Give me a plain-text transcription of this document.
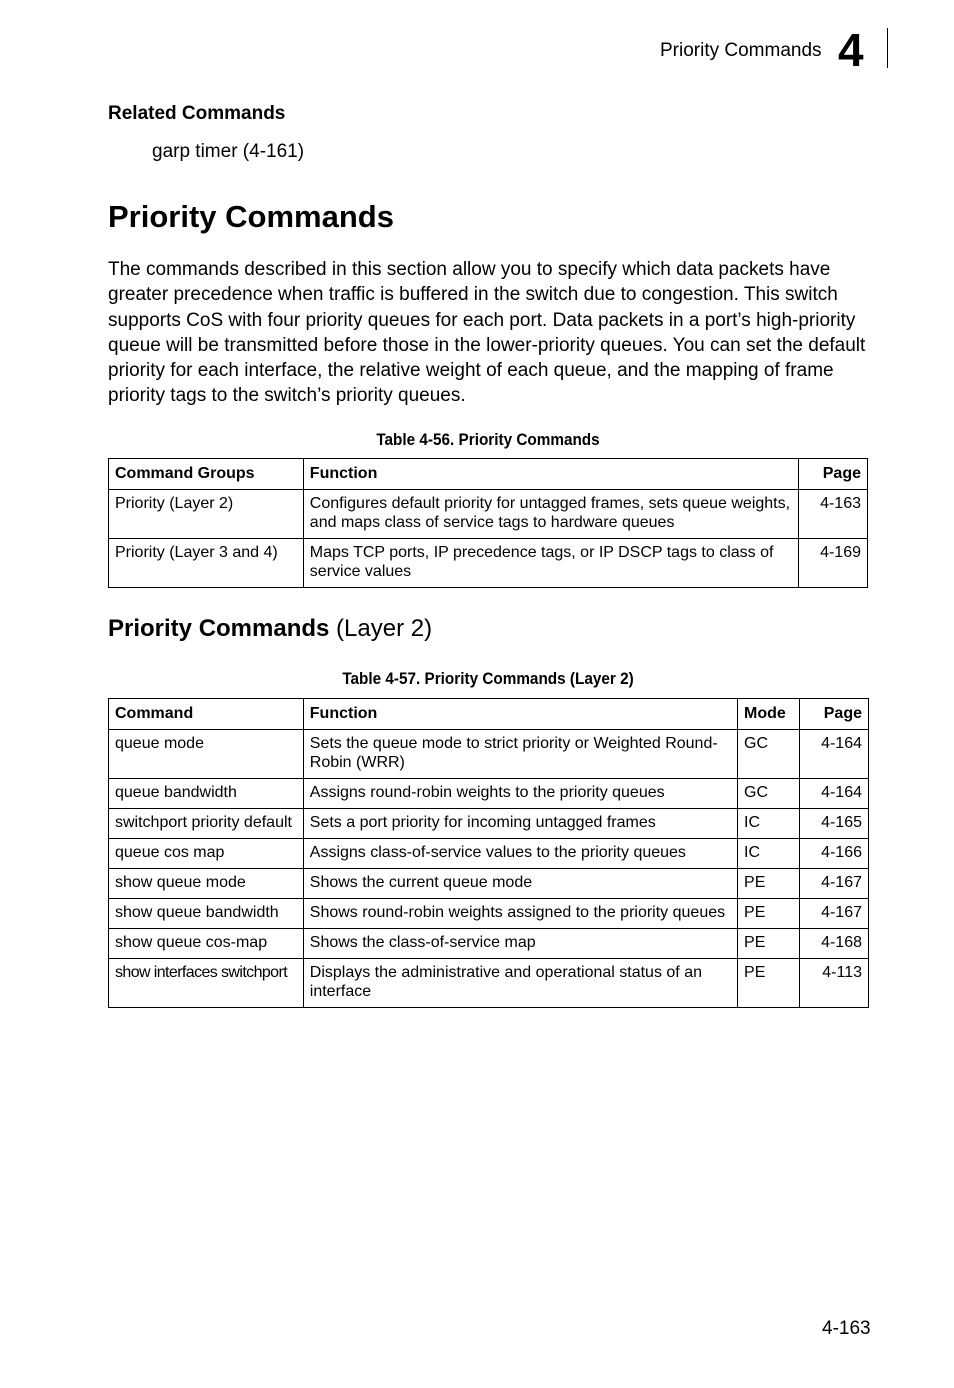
Priority Commands 4
Related Commands
garp timer (4-161)
Priority Commands

The commands described in this section allow you to specify which data packets have greater precedence when traffic is buffered in the switch due to congestion. This switch supports CoS with four priority queues for each port. Data packets in a port’s high-priority queue will be transmitted before those in the lower-priority queues. You can set the default priority for each interface, the relative weight of each queue, and the mapping of frame priority tags to the switch’s priority queues.

Table 4-56. Priority Commands
Command Groups	Function	Page
Priority (Layer 2)	Configures default priority for untagged frames, sets queue weights, and maps class of service tags to hardware queues	4-163
Priority (Layer 3 and 4)	Maps TCP ports, IP precedence tags, or IP DSCP tags to class of service values	4-169
Priority Commands (Layer 2)
Table 4-57. Priority Commands (Layer 2)
Command	Function	Mode	Page
queue mode	Sets the queue mode to strict priority or Weighted Round-Robin (WRR)	GC	4-164
queue bandwidth	Assigns round-robin weights to the priority queues	GC	4-164
switchport priority default	Sets a port priority for incoming untagged frames	IC	4-165
queue cos map	Assigns class-of-service values to the priority queues	IC	4-166
show queue mode	Shows the current queue mode	PE	4-167
show queue bandwidth	Shows round-robin weights assigned to the priority queues	PE	4-167
show queue cos-map	Shows the class-of-service map	PE	4-168
show interfaces switchport	Displays the administrative and operational status of an interface	PE	4-113
4-163
